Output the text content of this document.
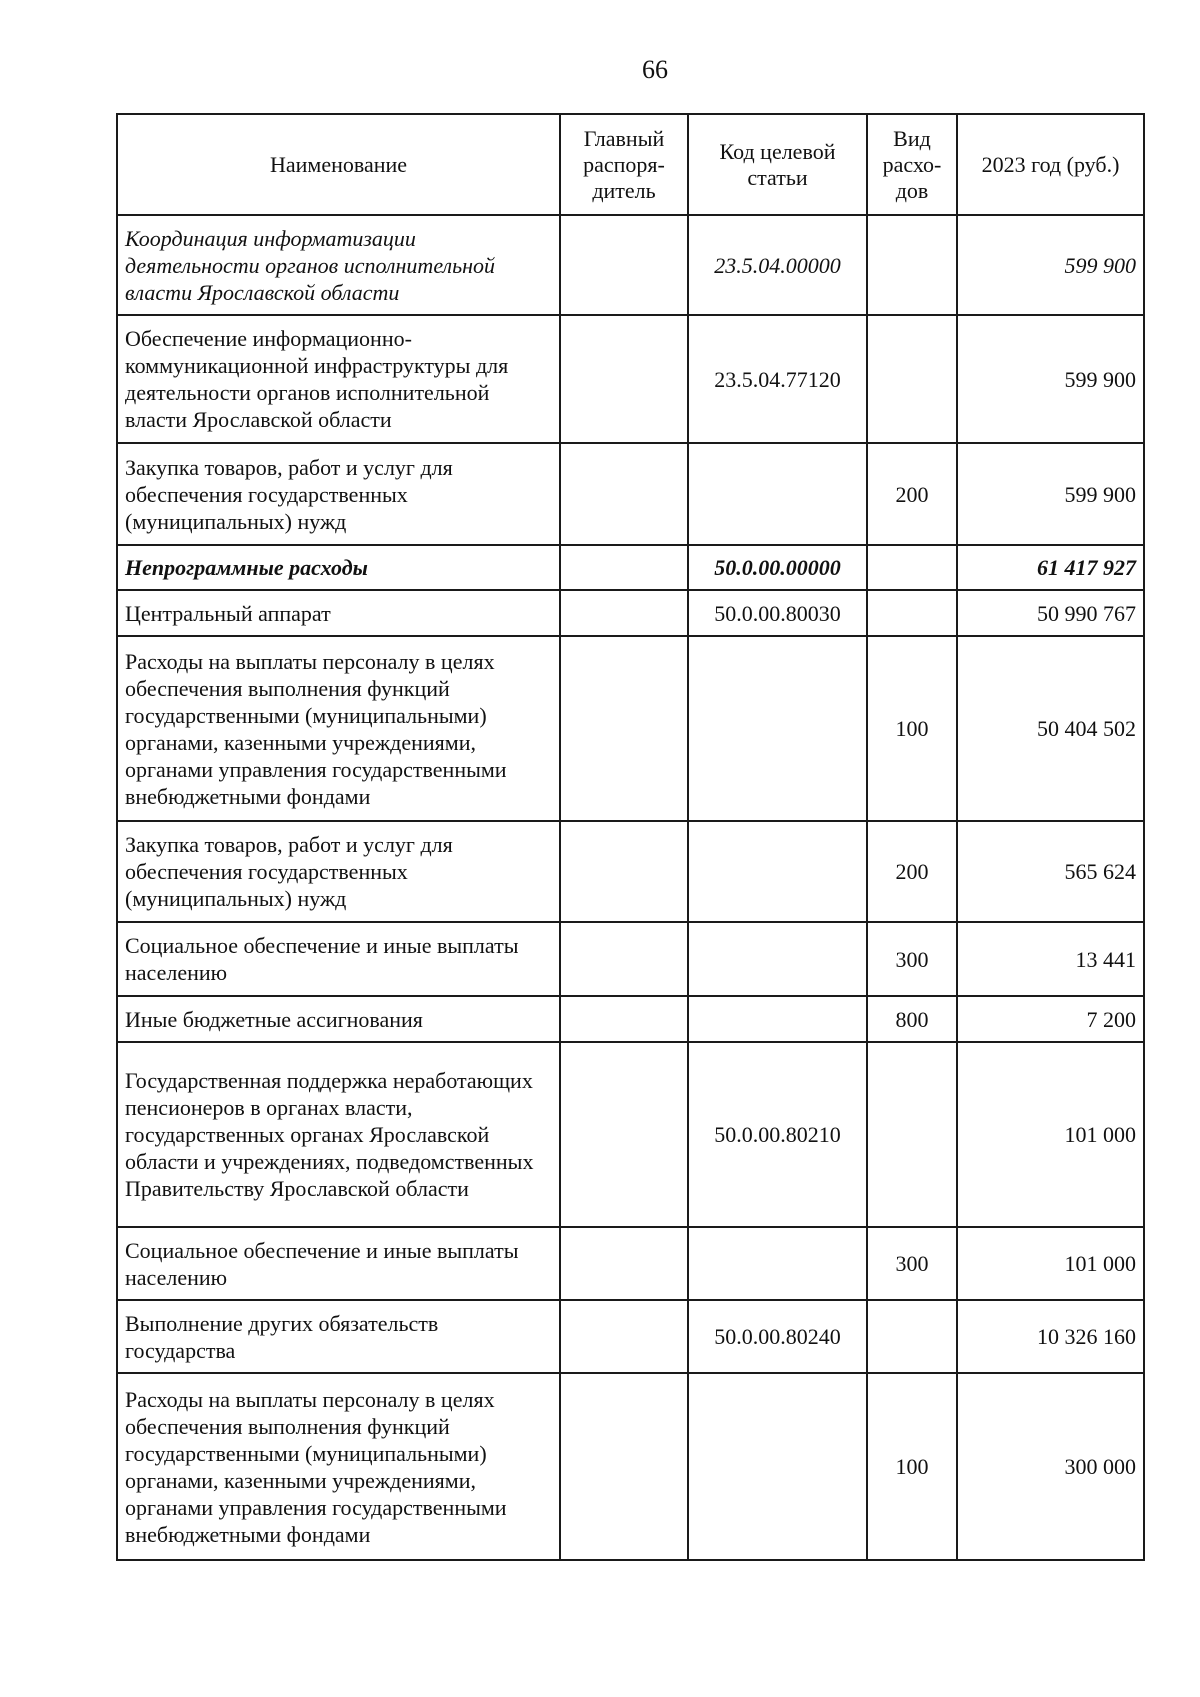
66
Наименование	Главный распоря-дитель	Код целевой статьи	Вид расхо-дов	2023 год (руб.)
Координация информатизации деятельности органов исполнительной власти Ярославской области		23.5.04.00000		599 900
Обеспечение информационно-коммуникационной инфраструктуры для деятельности органов исполнительной власти Ярославской области		23.5.04.77120		599 900
Закупка товаров, работ и услуг для обеспечения государственных (муниципальных) нужд			200	599 900
Непрограммные расходы		50.0.00.00000		61 417 927
Центральный аппарат		50.0.00.80030		50 990 767
Расходы на выплаты персоналу в целях обеспечения выполнения функций государственными (муниципальными) органами, казенными учреждениями, органами управления государственными внебюджетными фондами			100	50 404 502
Закупка товаров, работ и услуг для обеспечения государственных (муниципальных) нужд			200	565 624
Социальное обеспечение и иные выплаты населению			300	13 441
Иные бюджетные ассигнования			800	7 200
Государственная поддержка неработающих пенсионеров в органах власти, государственных органах Ярославской области и учреждениях, подведомственных Правительству Ярославской области		50.0.00.80210		101 000
Социальное обеспечение и иные выплаты населению			300	101 000
Выполнение других обязательств государства		50.0.00.80240		10 326 160
Расходы на выплаты персоналу в целях обеспечения выполнения функций государственными (муниципальными) органами, казенными учреждениями, органами управления государственными внебюджетными фондами			100	300 000
